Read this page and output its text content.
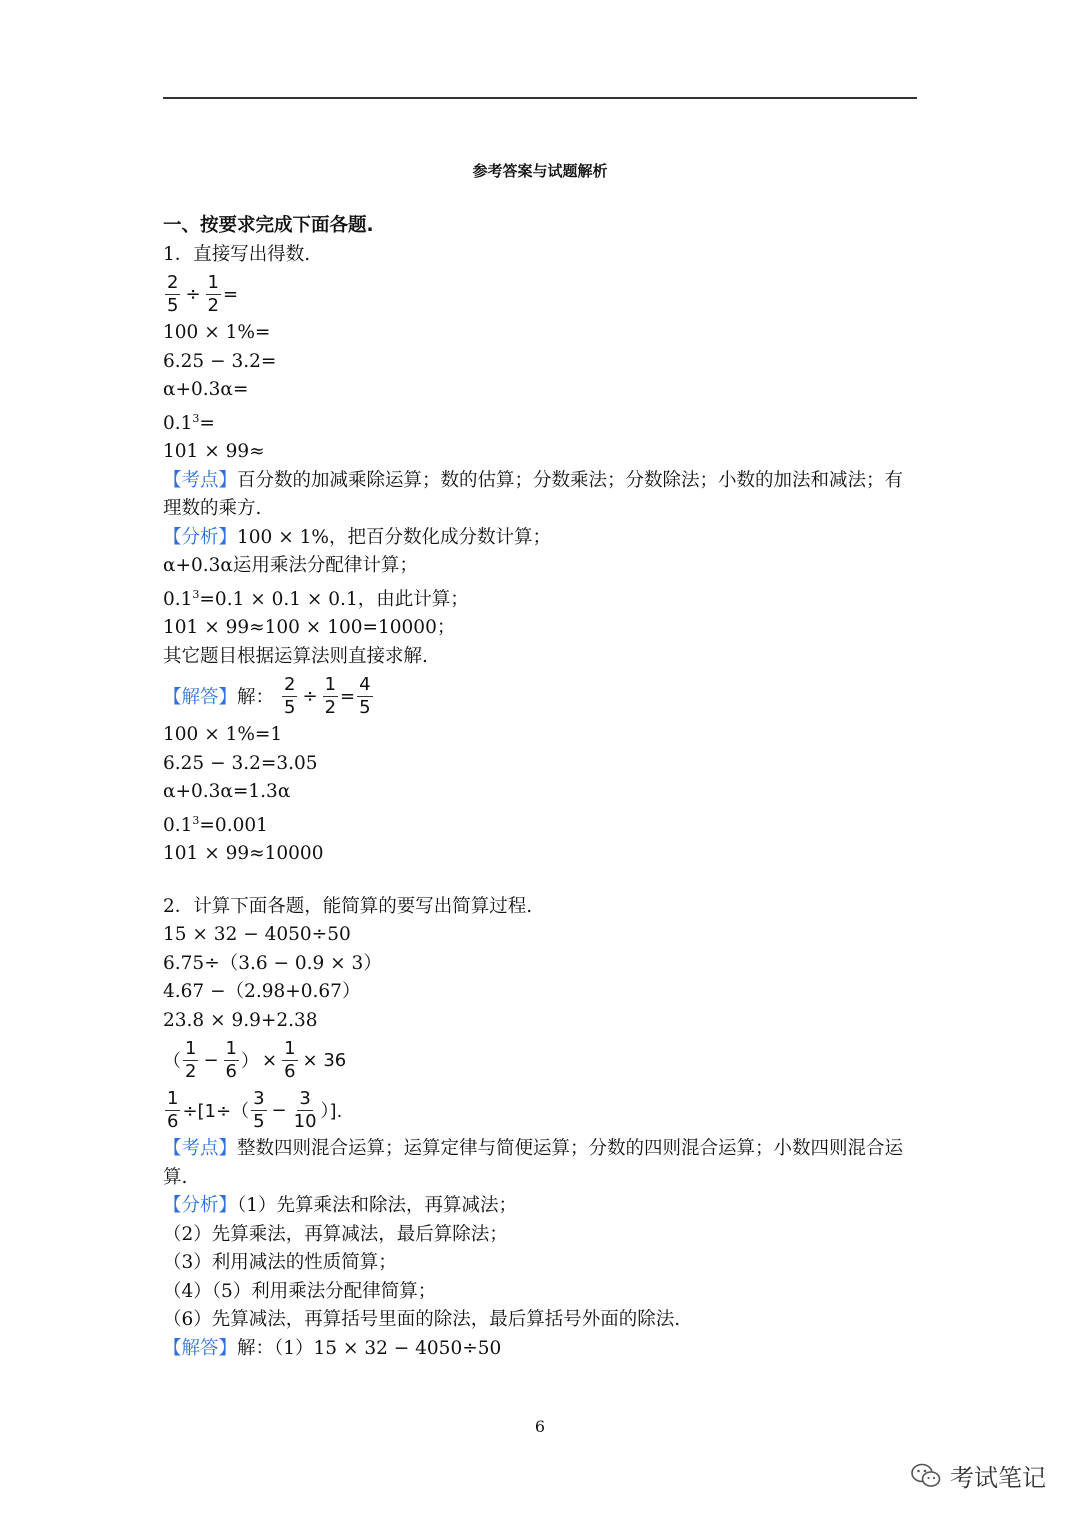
参考答案与试题解析
一、按要求完成下面各题.
1．直接写出得数.
$\frac{2}{5} \div \frac{1}{2}$ =
100 × 1%=
6.25 − 3.2=
α+0.3α=
$0.1^3=$
101 × 99≈
【考点】百分数的加减乘除运算；数的估算；分数乘法；分数除法；小数的加法和减法；有理数的乘方.
【分析】100 × 1%，把百分数化成分数计算；
α+0.3α运用乘法分配律计算；
$0.1^3=0.1 \times 0.1 \times 0.1$，由此计算；
101 × 99≈100 × 100=10000；
其它题目根据运算法则直接求解.
【解答】 解： $\frac{2}{5} \div \frac{1}{2} = \frac{4}{5}$
100 × 1%=1
6.25 − 3.2=3.05
α+0.3α=1.3α
$0.1^3=0.001$
101 × 99≈10000
2．计算下面各题，能简算的要写出简算过程.
15 × 32 − 4050÷50
6.75÷（3.6 − 0.9 × 3）
4.67 −（2.98+0.67）
23.8 × 9.9+2.38
（ $\frac{1}{2} - \frac{1}{6}$ ） × $\frac{1}{6} \times 36$
$\frac{1}{6} \div[1\div( \frac{3}{5} - \frac{3}{10}$ ）].
【考点】整数四则混合运算；运算定律与简便运算；分数的四则混合运算；小数四则混合运算.
【分析】（1）先算乘法和除法，再算减法；
（2）先算乘法，再算减法，最后算除法；
（3）利用减法的性质简算；
（4）（5）利用乘法分配律简算；
（6）先算减法，再算括号里面的除法，最后算括号外面的除法.
【解答】解：（1）15 × 32 − 4050÷50
6
考试笔记
